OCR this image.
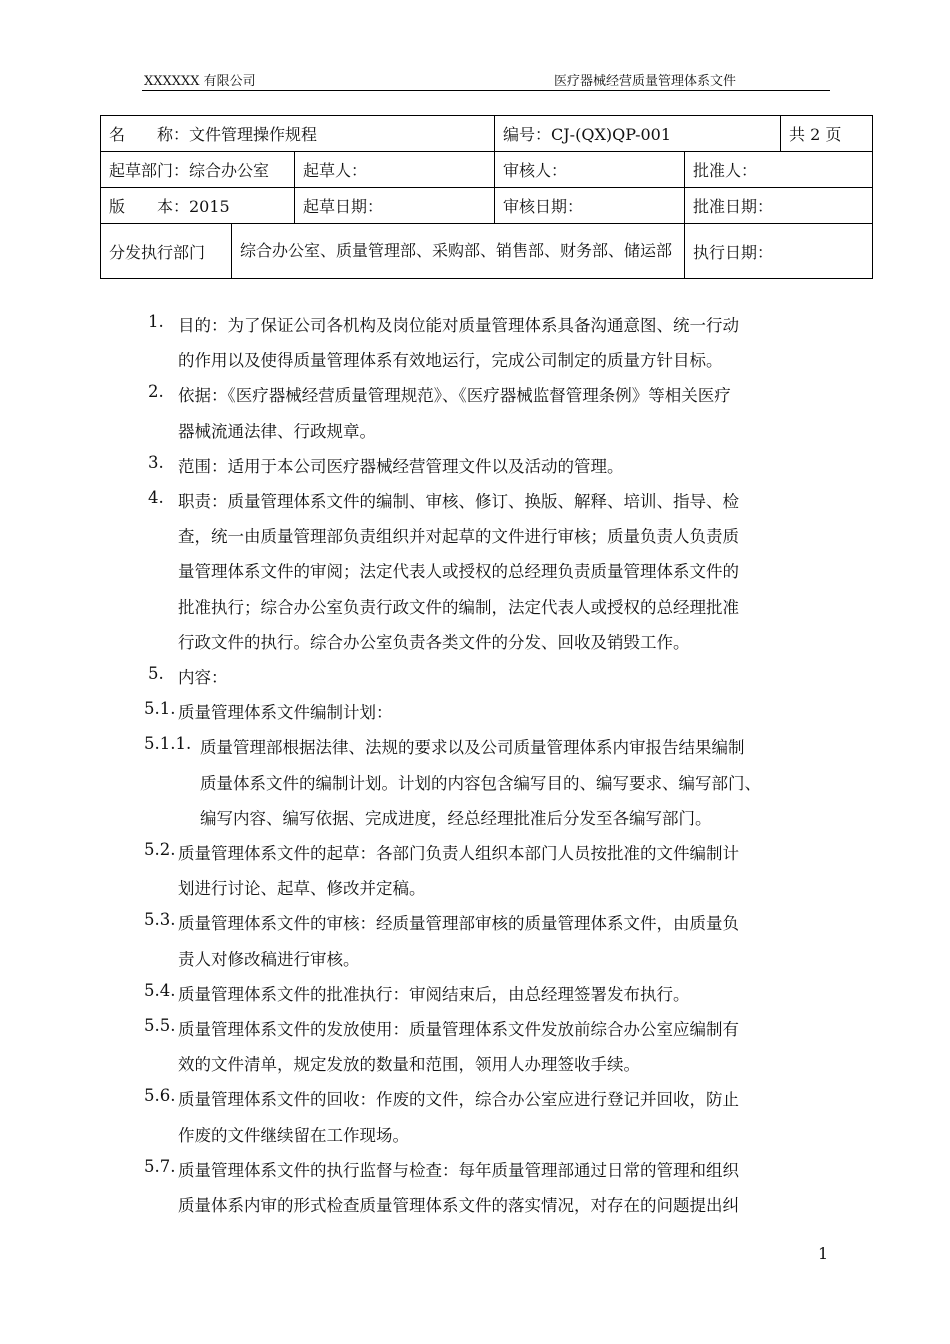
XXXXXX 有限公司	医疗器械经营质量管理体系文件
名　　称：文件管理操作规程			编号：CJ-(QX)QP-001		共 2 页
起草部门：综合办公室		起草人：	审核人：	批准人：	
版　　本：2015		起草日期：	审核日期：	批准日期：	
分发执行部门	综合办公室、质量管理部、采购部、销售部、财务部、储运部			执行日期：	
1. 目的：为了保证公司各机构及岗位能对质量管理体系具备沟通意图、统一行动
的作用以及使得质量管理体系有效地运行，完成公司制定的质量方针目标。
2. 依据：《医疗器械经营质量管理规范》、《医疗器械监督管理条例》等相关医疗
器械流通法律、行政规章。
3. 范围：适用于本公司医疗器械经营管理文件以及活动的管理。
4. 职责：质量管理体系文件的编制、审核、修订、换版、解释、培训、指导、检
查，统一由质量管理部负责组织并对起草的文件进行审核；质量负责人负责质
量管理体系文件的审阅；法定代表人或授权的总经理负责质量管理体系文件的
批准执行；综合办公室负责行政文件的编制，法定代表人或授权的总经理批准
行政文件的执行。综合办公室负责各类文件的分发、回收及销毁工作。
5. 内容：
5.1. 质量管理体系文件编制计划：
5.1.1. 质量管理部根据法律、法规的要求以及公司质量管理体系内审报告结果编制
质量体系文件的编制计划。计划的内容包含编写目的、编写要求、编写部门、
编写内容、编写依据、完成进度，经总经理批准后分发至各编写部门。
5.2. 质量管理体系文件的起草：各部门负责人组织本部门人员按批准的文件编制计
划进行讨论、起草、修改并定稿。
5.3. 质量管理体系文件的审核：经质量管理部审核的质量管理体系文件，由质量负
责人对修改稿进行审核。
5.4. 质量管理体系文件的批准执行：审阅结束后，由总经理签署发布执行。
5.5. 质量管理体系文件的发放使用：质量管理体系文件发放前综合办公室应编制有
效的文件清单，规定发放的数量和范围，领用人办理签收手续。
5.6. 质量管理体系文件的回收：作废的文件，综合办公室应进行登记并回收，防止
作废的文件继续留在工作现场。
5.7. 质量管理体系文件的执行监督与检查：每年质量管理部通过日常的管理和组织
质量体系内审的形式检查质量管理体系文件的落实情况，对存在的问题提出纠
1
